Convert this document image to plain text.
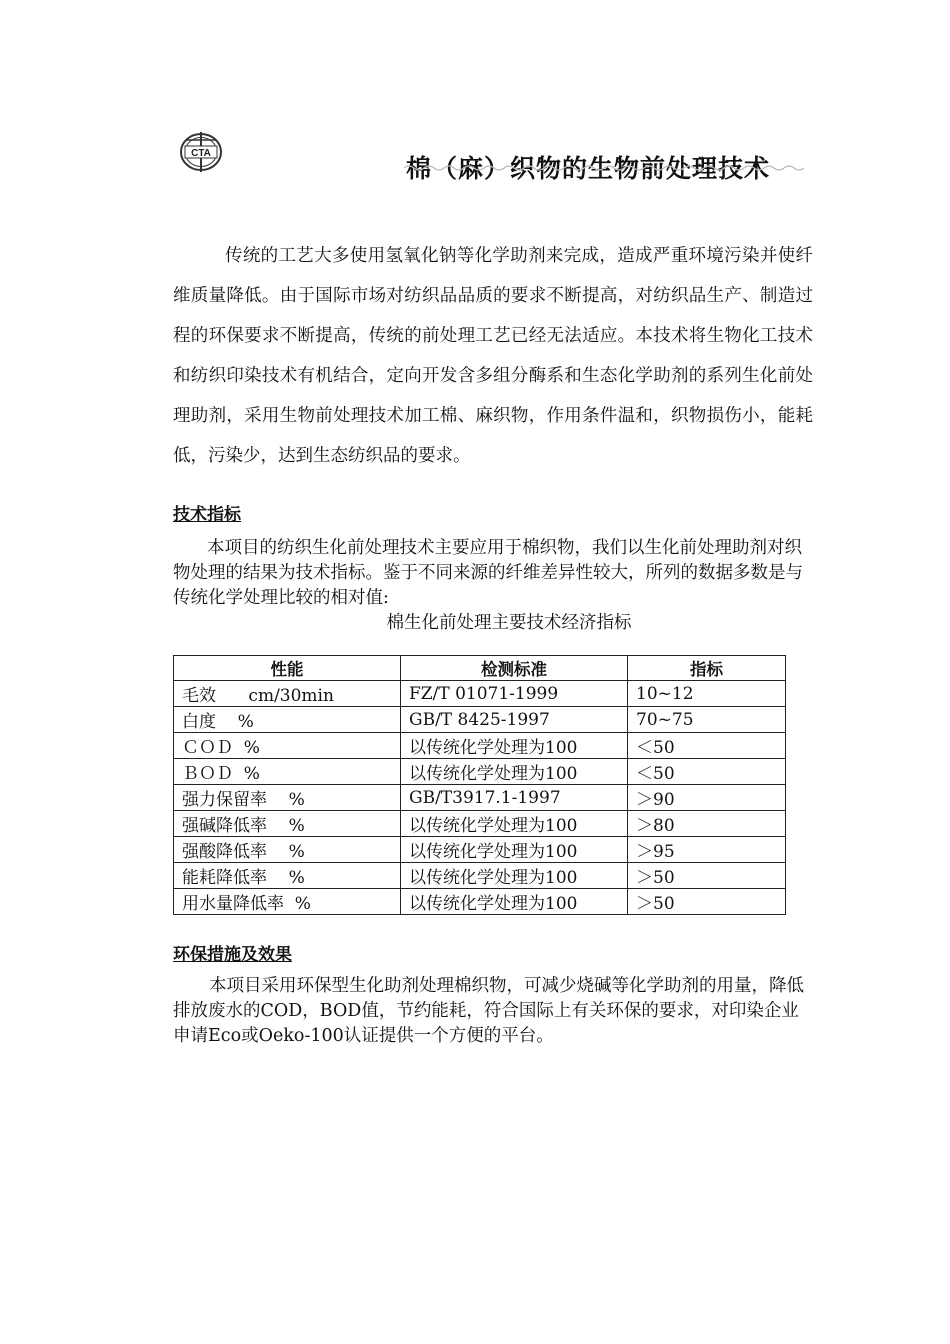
CTA
棉（麻）织物的生物前处理技术

传统的工艺大多使用氢氧化钠等化学助剂来完成，造成严重环境污染并使纤维质量降低。由于国际市场对纺织品品质的要求不断提高，对纺织品生产、制造过程的环保要求不断提高，传统的前处理工艺已经无法适应。本技术将生物化工技术和纺织印染技术有机结合，定向开发含多组分酶系和生态化学助剂的系列生化前处理助剂，采用生物前处理技术加工棉、麻织物，作用条件温和，织物损伤小，能耗低，污染少，达到生态纺织品的要求。

技术指标

本项目的纺织生化前处理技术主要应用于棉织物，我们以生化前处理助剂对织物处理的结果为技术指标。鉴于不同来源的纤维差异性较大，所列的数据多数是与传统化学处理比较的相对值:

棉生化前处理主要技术经济指标

性能	检测标准	指标
毛效      cm/30min	FZ/T 01071-1999	10~12
白度    %	GB/T 8425-1997	70~75
ＣＯＤ  %	以传统化学处理为100	＜50
ＢＯＤ  %	以传统化学处理为100	＜50
强力保留率    %	GB/T3917.1-1997	＞90
强碱降低率    %	以传统化学处理为100	＞80
强酸降低率    %	以传统化学处理为100	＞95
能耗降低率    %	以传统化学处理为100	＞50
用水量降低率  %	以传统化学处理为100	＞50
环保措施及效果

本项目采用环保型生化助剂处理棉织物，可减少烧碱等化学助剂的用量，降低排放废水的COD，BOD值，节约能耗，符合国际上有关环保的要求，对印染企业申请Eco或Oeko-100认证提供一个方便的平台。
